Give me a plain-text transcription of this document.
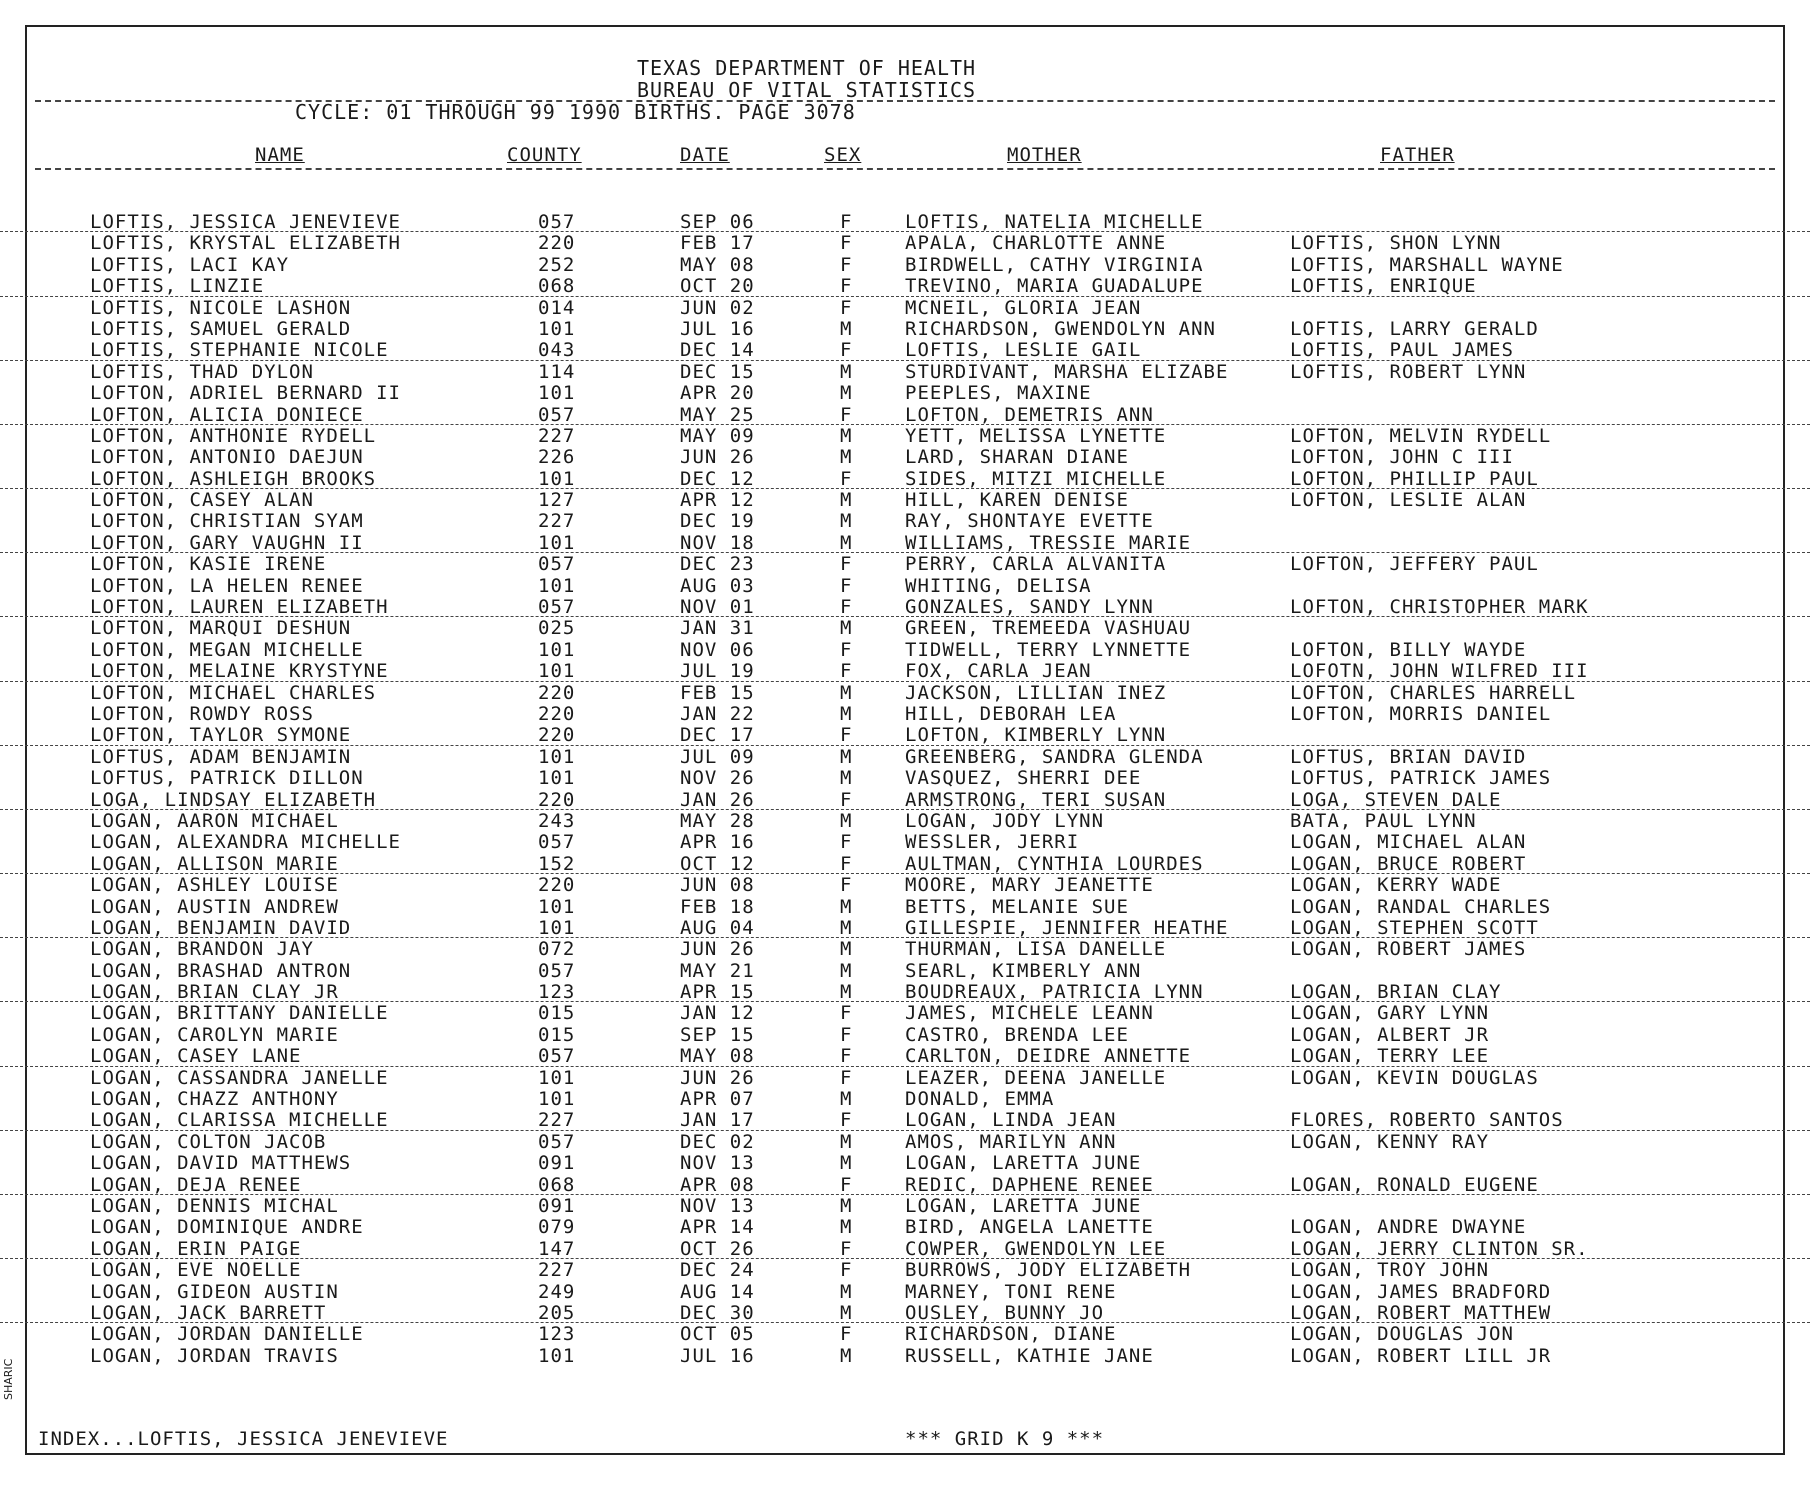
TEXAS DEPARTMENT OF HEALTH
BUREAU OF VITAL STATISTICS
CYCLE: 01 THROUGH 99 1990 BIRTHS. PAGE 3078
NAME	COUNTY	DATE	SEX	MOTHER	FATHER
LOFTIS, JESSICA JENEVIEVE	057	SEP 06	F	LOFTIS, NATELIA MICHELLE
LOFTIS, KRYSTAL ELIZABETH	220	FEB 17	F	APALA, CHARLOTTE ANNE	LOFTIS, SHON LYNN
LOFTIS, LACI KAY	252	MAY 08	F	BIRDWELL, CATHY VIRGINIA	LOFTIS, MARSHALL WAYNE
LOFTIS, LINZIE	068	OCT 20	F	TREVINO, MARIA GUADALUPE	LOFTIS, ENRIQUE
LOFTIS, NICOLE LASHON	014	JUN 02	F	MCNEIL, GLORIA JEAN
LOFTIS, SAMUEL GERALD	101	JUL 16	M	RICHARDSON, GWENDOLYN ANN	LOFTIS, LARRY GERALD
LOFTIS, STEPHANIE NICOLE	043	DEC 14	F	LOFTIS, LESLIE GAIL	LOFTIS, PAUL JAMES
LOFTIS, THAD DYLON	114	DEC 15	M	STURDIVANT, MARSHA ELIZABE	LOFTIS, ROBERT LYNN
LOFTON, ADRIEL BERNARD II	101	APR 20	M	PEEPLES, MAXINE
LOFTON, ALICIA DONIECE	057	MAY 25	F	LOFTON, DEMETRIS ANN
LOFTON, ANTHONIE RYDELL	227	MAY 09	M	YETT, MELISSA LYNETTE	LOFTON, MELVIN RYDELL
LOFTON, ANTONIO DAEJUN	226	JUN 26	M	LARD, SHARAN DIANE	LOFTON, JOHN C III
LOFTON, ASHLEIGH BROOKS	101	DEC 12	F	SIDES, MITZI MICHELLE	LOFTON, PHILLIP PAUL
LOFTON, CASEY ALAN	127	APR 12	M	HILL, KAREN DENISE	LOFTON, LESLIE ALAN
LOFTON, CHRISTIAN SYAM	227	DEC 19	M	RAY, SHONTAYE EVETTE
LOFTON, GARY VAUGHN II	101	NOV 18	M	WILLIAMS, TRESSIE MARIE
LOFTON, KASIE IRENE	057	DEC 23	F	PERRY, CARLA ALVANITA	LOFTON, JEFFERY PAUL
LOFTON, LA HELEN RENEE	101	AUG 03	F	WHITING, DELISA
LOFTON, LAUREN ELIZABETH	057	NOV 01	F	GONZALES, SANDY LYNN	LOFTON, CHRISTOPHER MARK
LOFTON, MARQUI DESHUN	025	JAN 31	M	GREEN, TREMEEDA VASHUAU
LOFTON, MEGAN MICHELLE	101	NOV 06	F	TIDWELL, TERRY LYNNETTE	LOFTON, BILLY WAYDE
LOFTON, MELAINE KRYSTYNE	101	JUL 19	F	FOX, CARLA JEAN	LOFOTN, JOHN WILFRED III
LOFTON, MICHAEL CHARLES	220	FEB 15	M	JACKSON, LILLIAN INEZ	LOFTON, CHARLES HARRELL
LOFTON, ROWDY ROSS	220	JAN 22	M	HILL, DEBORAH LEA	LOFTON, MORRIS DANIEL
LOFTON, TAYLOR SYMONE	220	DEC 17	F	LOFTON, KIMBERLY LYNN
LOFTUS, ADAM BENJAMIN	101	JUL 09	M	GREENBERG, SANDRA GLENDA	LOFTUS, BRIAN DAVID
LOFTUS, PATRICK DILLON	101	NOV 26	M	VASQUEZ, SHERRI DEE	LOFTUS, PATRICK JAMES
LOGA, LINDSAY ELIZABETH	220	JAN 26	F	ARMSTRONG, TERI SUSAN	LOGA, STEVEN DALE
LOGAN, AARON MICHAEL	243	MAY 28	M	LOGAN, JODY LYNN	BATA, PAUL LYNN
LOGAN, ALEXANDRA MICHELLE	057	APR 16	F	WESSLER, JERRI	LOGAN, MICHAEL ALAN
LOGAN, ALLISON MARIE	152	OCT 12	F	AULTMAN, CYNTHIA LOURDES	LOGAN, BRUCE ROBERT
LOGAN, ASHLEY LOUISE	220	JUN 08	F	MOORE, MARY JEANETTE	LOGAN, KERRY WADE
LOGAN, AUSTIN ANDREW	101	FEB 18	M	BETTS, MELANIE SUE	LOGAN, RANDAL CHARLES
LOGAN, BENJAMIN DAVID	101	AUG 04	M	GILLESPIE, JENNIFER HEATHE	LOGAN, STEPHEN SCOTT
LOGAN, BRANDON JAY	072	JUN 26	M	THURMAN, LISA DANELLE	LOGAN, ROBERT JAMES
LOGAN, BRASHAD ANTRON	057	MAY 21	M	SEARL, KIMBERLY ANN
LOGAN, BRIAN CLAY JR	123	APR 15	M	BOUDREAUX, PATRICIA LYNN	LOGAN, BRIAN CLAY
LOGAN, BRITTANY DANIELLE	015	JAN 12	F	JAMES, MICHELE LEANN	LOGAN, GARY LYNN
LOGAN, CAROLYN MARIE	015	SEP 15	F	CASTRO, BRENDA LEE	LOGAN, ALBERT JR
LOGAN, CASEY LANE	057	MAY 08	F	CARLTON, DEIDRE ANNETTE	LOGAN, TERRY LEE
LOGAN, CASSANDRA JANELLE	101	JUN 26	F	LEAZER, DEENA JANELLE	LOGAN, KEVIN DOUGLAS
LOGAN, CHAZZ ANTHONY	101	APR 07	M	DONALD, EMMA
LOGAN, CLARISSA MICHELLE	227	JAN 17	F	LOGAN, LINDA JEAN	FLORES, ROBERTO SANTOS
LOGAN, COLTON JACOB	057	DEC 02	M	AMOS, MARILYN ANN	LOGAN, KENNY RAY
LOGAN, DAVID MATTHEWS	091	NOV 13	M	LOGAN, LARETTA JUNE
LOGAN, DEJA RENEE	068	APR 08	F	REDIC, DAPHENE RENEE	LOGAN, RONALD EUGENE
LOGAN, DENNIS MICHAL	091	NOV 13	M	LOGAN, LARETTA JUNE
LOGAN, DOMINIQUE ANDRE	079	APR 14	M	BIRD, ANGELA LANETTE	LOGAN, ANDRE DWAYNE
LOGAN, ERIN PAIGE	147	OCT 26	F	COWPER, GWENDOLYN LEE	LOGAN, JERRY CLINTON SR.
LOGAN, EVE NOELLE	227	DEC 24	F	BURROWS, JODY ELIZABETH	LOGAN, TROY JOHN
LOGAN, GIDEON AUSTIN	249	AUG 14	M	MARNEY, TONI RENE	LOGAN, JAMES BRADFORD
LOGAN, JACK BARRETT	205	DEC 30	M	OUSLEY, BUNNY JO	LOGAN, ROBERT MATTHEW
LOGAN, JORDAN DANIELLE	123	OCT 05	F	RICHARDSON, DIANE	LOGAN, DOUGLAS JON
LOGAN, JORDAN TRAVIS	101	JUL 16	M	RUSSELL, KATHIE JANE	LOGAN, ROBERT LILL JR
INDEX...LOFTIS, JESSICA JENEVIEVE	*** GRID K 9 ***
SHARIC
